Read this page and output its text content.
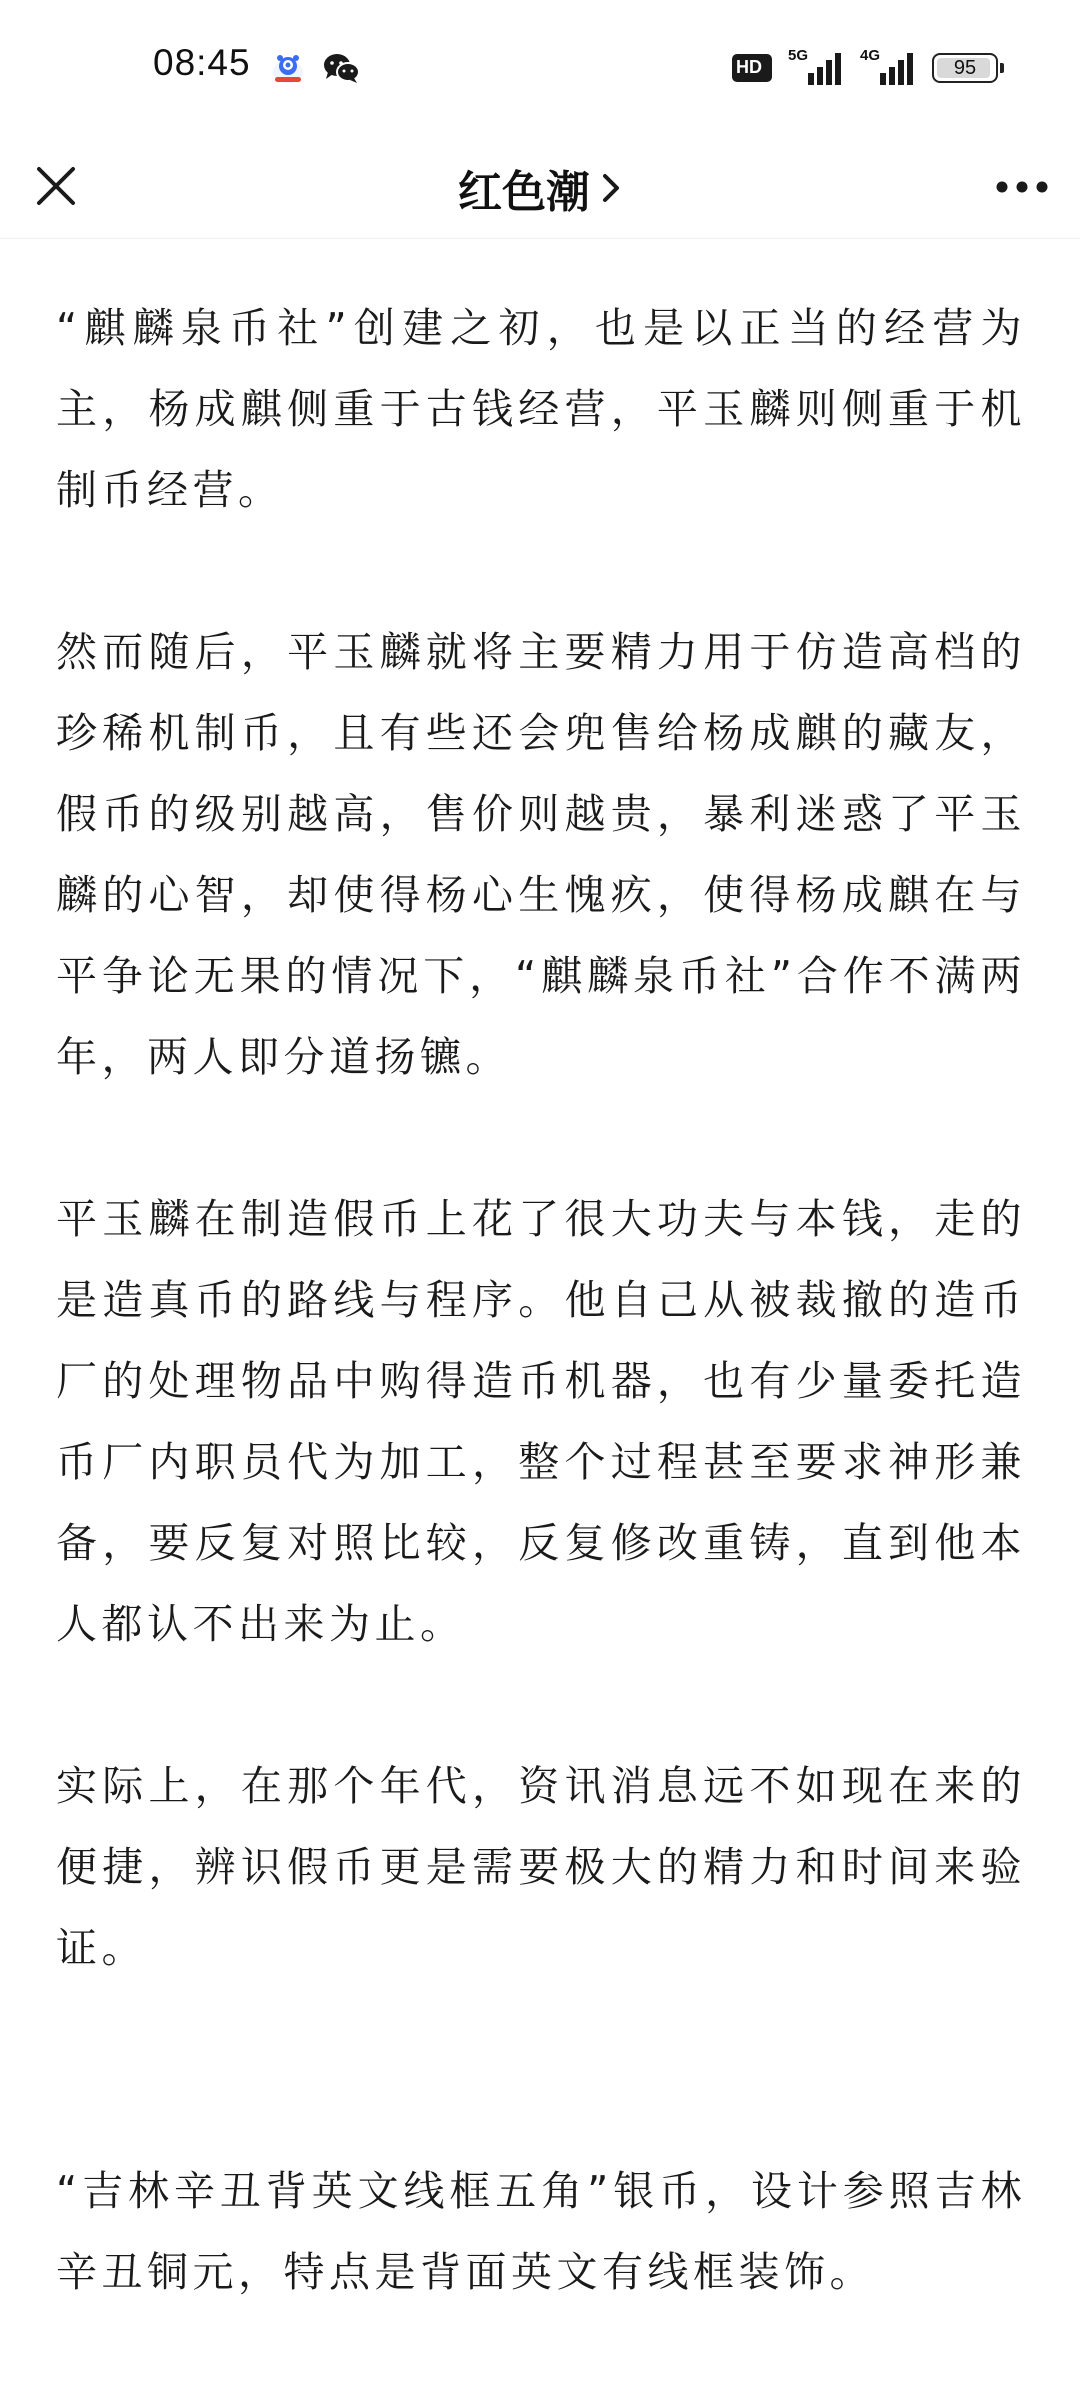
08:45	HD
5G	4G
95
红色潮

“麒麟泉币社”创建之初，也是以正当的经营为主，杨成麒侧重于古钱经营，平玉麟则侧重于机制币经营。

然而随后，平玉麟就将主要精力用于仿造高档的珍稀机制币，且有些还会兜售给杨成麒的藏友，假币的级别越高，售价则越贵，暴利迷惑了平玉麟的心智，却使得杨心生愧疚，使得杨成麒在与平争论无果的情况下，“麒麟泉币社”合作不满两年，两人即分道扬镳。

平玉麟在制造假币上花了很大功夫与本钱，走的是造真币的路线与程序。他自己从被裁撤的造币厂的处理物品中购得造币机器，也有少量委托造币厂内职员代为加工，整个过程甚至要求神形兼备，要反复对照比较，反复修改重铸，直到他本人都认不出来为止。

实际上，在那个年代，资讯消息远不如现在来的便捷，辨识假币更是需要极大的精力和时间来验证。

“吉林辛丑背英文线框五角”银币，设计参照吉林辛丑铜元，特点是背面英文有线框装饰。
